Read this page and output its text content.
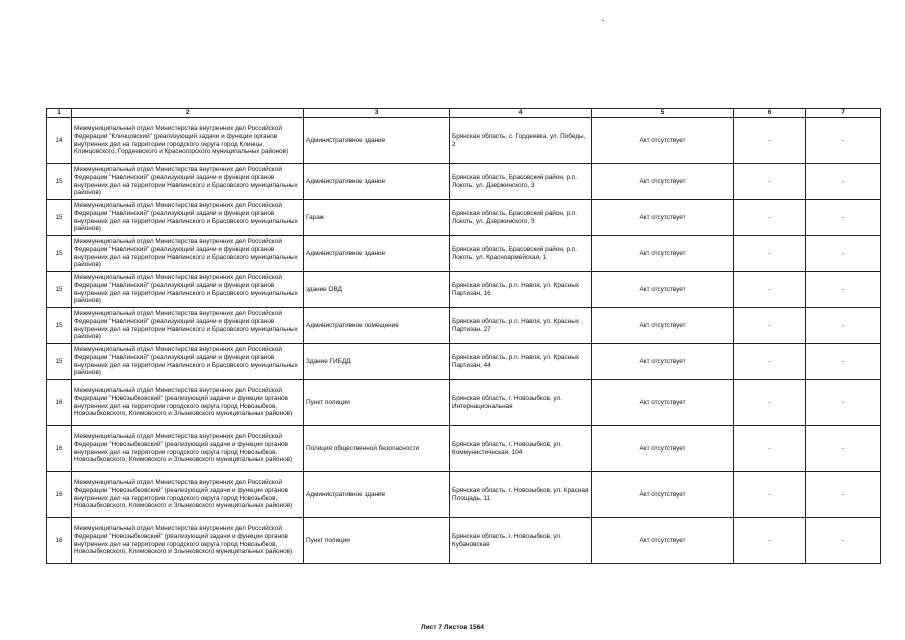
1	2	3	4	5	6	7
14	Межмуниципальный отдел Министерства внутренних дел Российской Федерации "Клинцовский" (реализующий задачи и функции органов внутренних дел на территории городского округа город Клинцы, Клинцовского, Гордеевского и Красногорского муниципальных районов)	Административное здание	Брянская область, с. Гордеевка, ул. Победы, 2	Акт отсутствует	-	-
15	Межмуниципальный отдел Министерства внутренних дел Российской Федерации "Навлинский" (реализующий задачи и функции органов внутренних дел на территории Навлинского и Брасовского муниципальных районов)	Административное здание	Брянская область, Брасовский район, р.п. Локоть, ул. Дзержинского, 3	Акт отсутствует	-	-
15	Межмуниципальный отдел Министерства внутренних дел Российской Федерации "Навлинский" (реализующий задачи и функции органов внутренних дел на территории Навлинского и Брасовского муниципальных районов)	Гараж	Брянская область, Брасовский район, р.п. Локоть, ул. Дзержинского, 3	Акт отсутствует	-	-
15	Межмуниципальный отдел Министерства внутренних дел Российской Федерации "Навлинский" (реализующий задачи и функции органов внутренних дел на территории Навлинского и Брасовского муниципальных районов)	Административное здание	Брянская область, Брасовский район, р.п. Локоть, ул. Красноармейская, 1	Акт отсутствует	-	-
15	Межмуниципальный отдел Министерства внутренних дел Российской Федерации "Навлинский" (реализующий задачи и функции органов внутренних дел на территории Навлинского и Брасовского муниципальных районов)	здание ОВД	Брянская область, р.п. Навля, ул. Красных Партизан, 16	Акт отсутствует	-	-
15	Межмуниципальный отдел Министерства внутренних дел Российской Федерации "Навлинский" (реализующий задачи и функции органов внутренних дел на территории Навлинского и Брасовского муниципальных районов)	Административное помещение	Брянская область, р.п. Навля, ул. Красных Партизан, 27	Акт отсутствует	-	-
15	Межмуниципальный отдел Министерства внутренних дел Российской Федерации "Навлинский" (реализующий задачи и функции органов внутренних дел на территории Навлинского и Брасовского муниципальных районов)	Здание ГИБДД	Брянская область, р.п. Навля, ул. Красных Партизан, 44	Акт отсутствует	-	-
16	Межмуниципальный отдел Министерства внутренних дел Российской Федерации "Новозыбковский" (реализующий задачи и функции органов внутренних дел на территории городского округа город Новозыбков, Новозыбковского, Климовского и Злынковского муниципальных районов)	Пункт полиции	Брянская область, г. Новозыбков, ул. Интернациональная	Акт отсутствует	-	-
16	Межмуниципальный отдел Министерства внутренних дел Российской Федерации "Новозыбковский" (реализующий задачи и функции органов внутренних дел на территории городского округа город Новозыбков, Новозыбковского, Климовского и Злынковского муниципальных районов)	Полиция общественной безопасности	Брянская область, г. Новозыбков, ул. Коммунистическая, 104	Акт отсутствует	-	-
16	Межмуниципальный отдел Министерства внутренних дел Российской Федерации "Новозыбковский" (реализующий задачи и функции органов внутренних дел на территории городского округа город Новозыбков, Новозыбковского, Климовского и Злынковского муниципальных районов)	Административное здание	Брянская область, г. Новозыбков, ул. Красная Площадь, 11	Акт отсутствует	-	-
16	Межмуниципальный отдел Министерства внутренних дел Российской Федерации "Новозыбковский" (реализующий задачи и функции органов внутренних дел на территории городского округа город Новозыбков, Новозыбковского, Климовского и Злынковского муниципальных районов)	Пункт полиции	Брянская область, г. Новозыбков, ул. Кубановская	Акт отсутствует	-	-
Лист 7 Листов 1564
